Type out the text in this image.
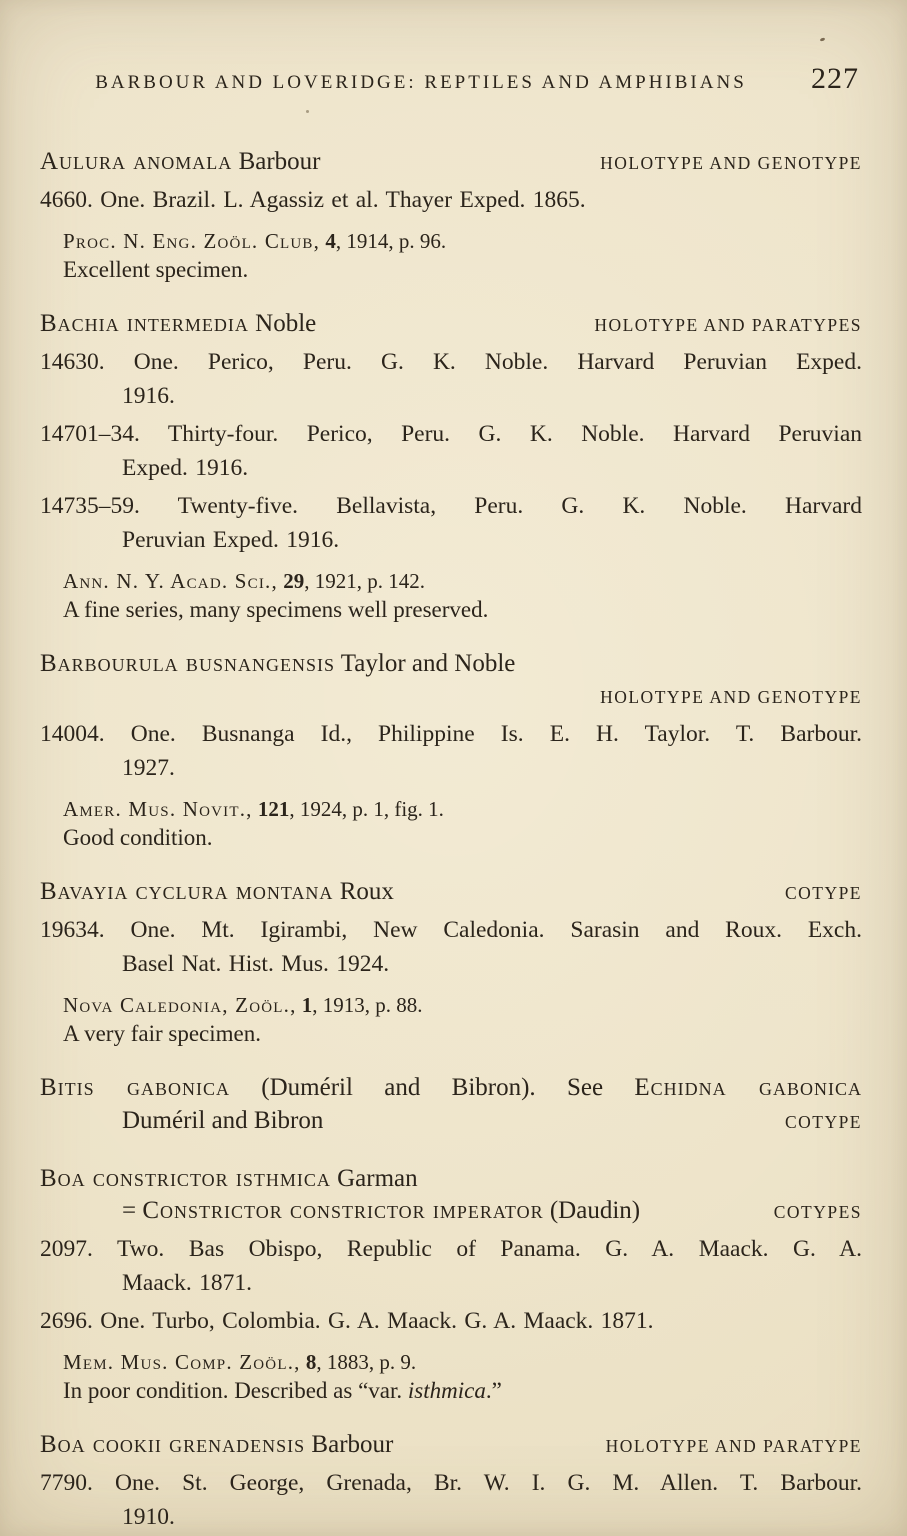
BARBOUR AND LOVERIDGE: REPTILES AND AMPHIBIANS	227
Aulura anomala Barbour	HOLOTYPE AND GENOTYPE
4660. One. Brazil. L. Agassiz et al. Thayer Exped. 1865.
Proc. N. Eng. Zoöl. Club, 4, 1914, p. 96.
Excellent specimen.
Bachia intermedia Noble	HOLOTYPE AND PARATYPES
14630. One. Perico, Peru. G. K. Noble. Harvard Peruvian Exped.
1916.
14701–34. Thirty-four. Perico, Peru. G. K. Noble. Harvard Peruvian
Exped. 1916.
14735–59. Twenty-five. Bellavista, Peru. G. K. Noble. Harvard
Peruvian Exped. 1916.
Ann. N. Y. Acad. Sci., 29, 1921, p. 142.
A fine series, many specimens well preserved.
Barbourula busnangensis Taylor and Noble
HOLOTYPE AND GENOTYPE
14004. One. Busnanga Id., Philippine Is. E. H. Taylor. T. Barbour.
1927.
Amer. Mus. Novit., 121, 1924, p. 1, fig. 1.
Good condition.
Bavayia cyclura montana Roux	COTYPE
19634. One. Mt. Igirambi, New Caledonia. Sarasin and Roux. Exch.
Basel Nat. Hist. Mus. 1924.
Nova Caledonia, Zoöl., 1, 1913, p. 88.
A very fair specimen.
Bitis gabonica (Duméril and Bibron). See Echidna gabonica
Duméril and Bibron	COTYPE
Boa constrictor isthmica Garman
= Constrictor constrictor imperator (Daudin)	COTYPES
2097. Two. Bas Obispo, Republic of Panama. G. A. Maack. G. A.
Maack. 1871.
2696. One. Turbo, Colombia. G. A. Maack. G. A. Maack. 1871.
Mem. Mus. Comp. Zoöl., 8, 1883, p. 9.
In poor condition. Described as “var. isthmica.”
Boa cookii grenadensis Barbour	HOLOTYPE AND PARATYPE
7790. One. St. George, Grenada, Br. W. I. G. M. Allen. T. Barbour.
1910.
